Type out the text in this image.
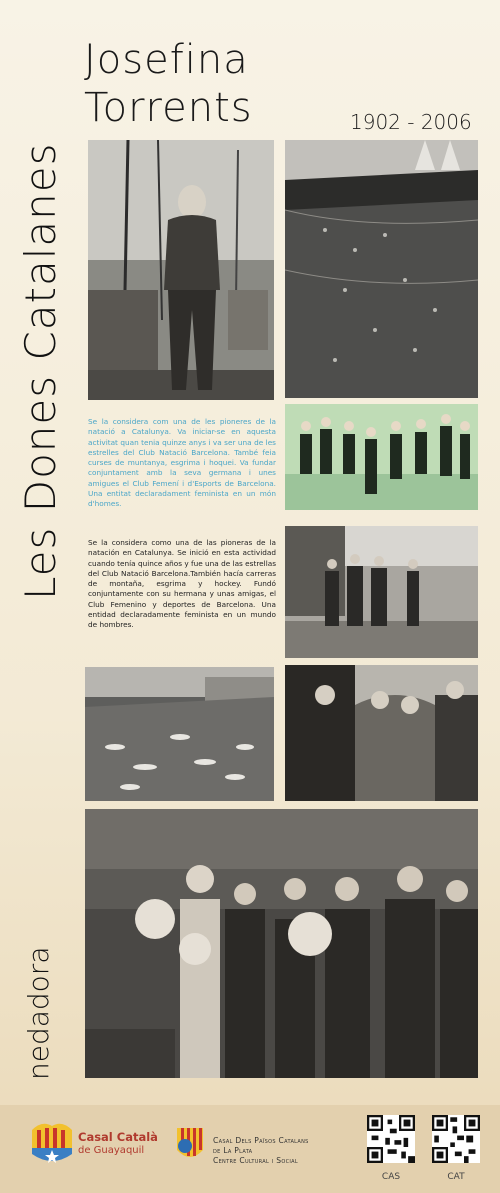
Josefina
Torrents	1902 - 2006
Les Dones Catalanes
nedadora
Se la considera com una de les pioneres de la natació a Catalunya. Va iniciar-se en aquesta activitat quan tenia quinze anys i va ser una de les estrelles del Club Natació Barcelona. També feia curses de muntanya, esgrima i hoquei. Va fundar conjuntament amb la seva germana i unes amigues el Club Femení i d'Esports de Barcelona. Una entitat declaradament feminista en un món d'homes.
Se la considera como una de las pioneras de la natación en Catalunya. Se inició en esta actividad cuando tenía quince años y fue una de las estrellas del Club Natació Barcelona.También hacía carreras de montaña, esgrima y hockey. Fundó conjuntamente con su hermana y unas amigas, el Club Femenino y deportes de Barcelona. Una entidad declaradamente feminista en un mundo de hombres.
Casal Català
de Guayaquil
Casal Dels Països Catalans
de La Plata
Centre Cultural i Social
CAS	CAT
